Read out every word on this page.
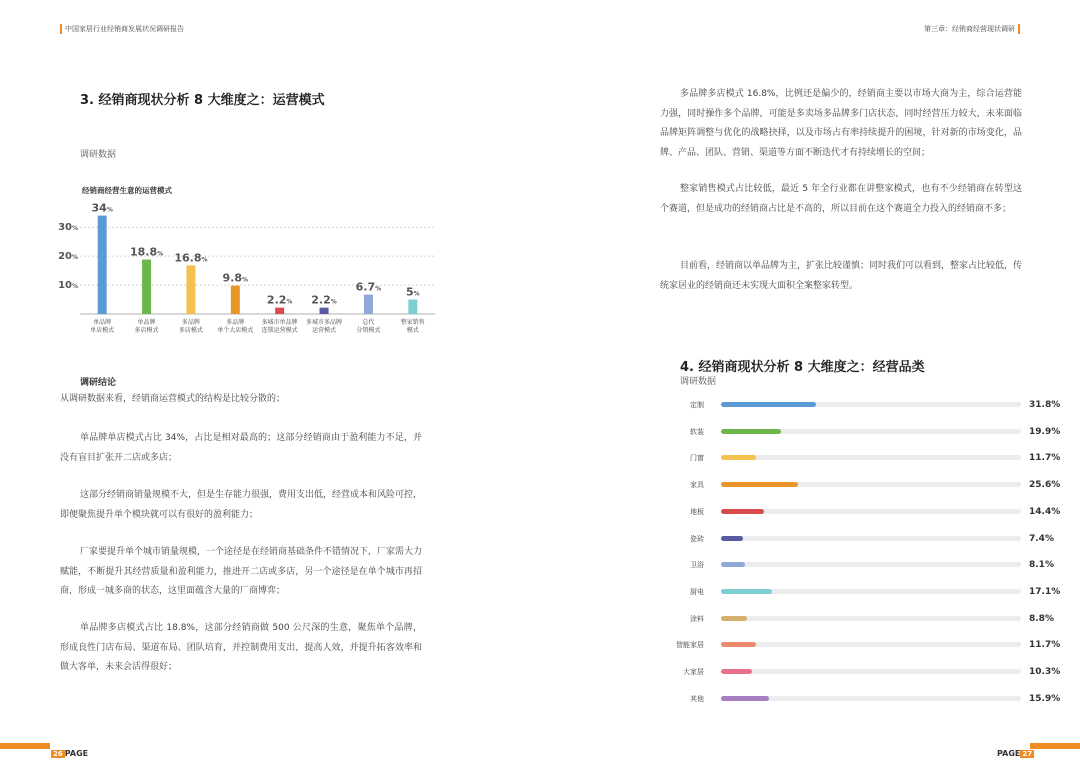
中国家居行业经销商发展状况调研报告	第三章：经销商经营现状调研
3. 经销商现状分析 8 大维度之：运营模式
调研数据
经销商经营生意的运营模式
10%
20%
30%
34%
单品牌
单店模式
18.8%
单品牌
多店模式
16.8%
多品牌
多店模式
9.8%
多品牌
单个大店模式
2.2%
多城市单品牌
连锁运营模式
2.2%
多城市多品牌
运营模式
6.7%
总代
分销模式
5%
整家销售
模式
调研结论
从调研数据来看，经销商运营模式的结构是比较分散的；
单品牌单店模式占比 34%，占比是相对最高的；这部分经销商由于盈利能力不足，并没有盲目扩张开二店或多店；
这部分经销商销量规模不大，但是生存能力很强，费用支出低，经营成本和风险可控，即便聚焦提升单个模块就可以有很好的盈利能力；
厂家要提升单个城市销量规模，一个途径是在经销商基础条件不错情况下，厂家需大力赋能，不断提升其经营质量和盈利能力，推进开二店或多店，另一个途径是在单个城市再招商，形成一城多商的状态，这里面蕴含大量的厂商博弈；
单品牌多店模式占比 18.8%，这部分经销商做 500 公尺深的生意，聚焦单个品牌，形成良性门店布局、渠道布局、团队培育，并控制费用支出，提高人效，并提升拓客效率和做大客单，未来会活得很好；
多品牌多店模式 16.8%，比例还是偏少的，经销商主要以市场大商为主，综合运营能力强，同时操作多个品牌，可能是多卖场多品牌多门店状态，同时经营压力较大，未来面临品牌矩阵调整与优化的战略抉择，以及市场占有率持续提升的困境，针对新的市场变化，品牌、产品、团队、营销、渠道等方面不断迭代才有持续增长的空间；
整家销售模式占比较低，最近 5 年全行业都在讲整家模式，也有不少经销商在转型这个赛道，但是成功的经销商占比是不高的，所以目前在这个赛道全力投入的经销商不多；
目前看，经销商以单品牌为主，扩张比较谨慎；同时我们可以看到，整家占比较低，传统家居业的经销商还未实现大面积全案整家转型。
4. 经销商现状分析 8 大维度之：经营品类
调研数据
定制	31.8%
软装	19.9%
门窗	11.7%
家具	25.6%
地板	14.4%
瓷砖	7.4%
卫浴	8.1%
厨电	17.1%
涂料	8.8%
智能家居	11.7%
大家居	10.3%
其他	15.9%
26 PAGE	PAGE 27
